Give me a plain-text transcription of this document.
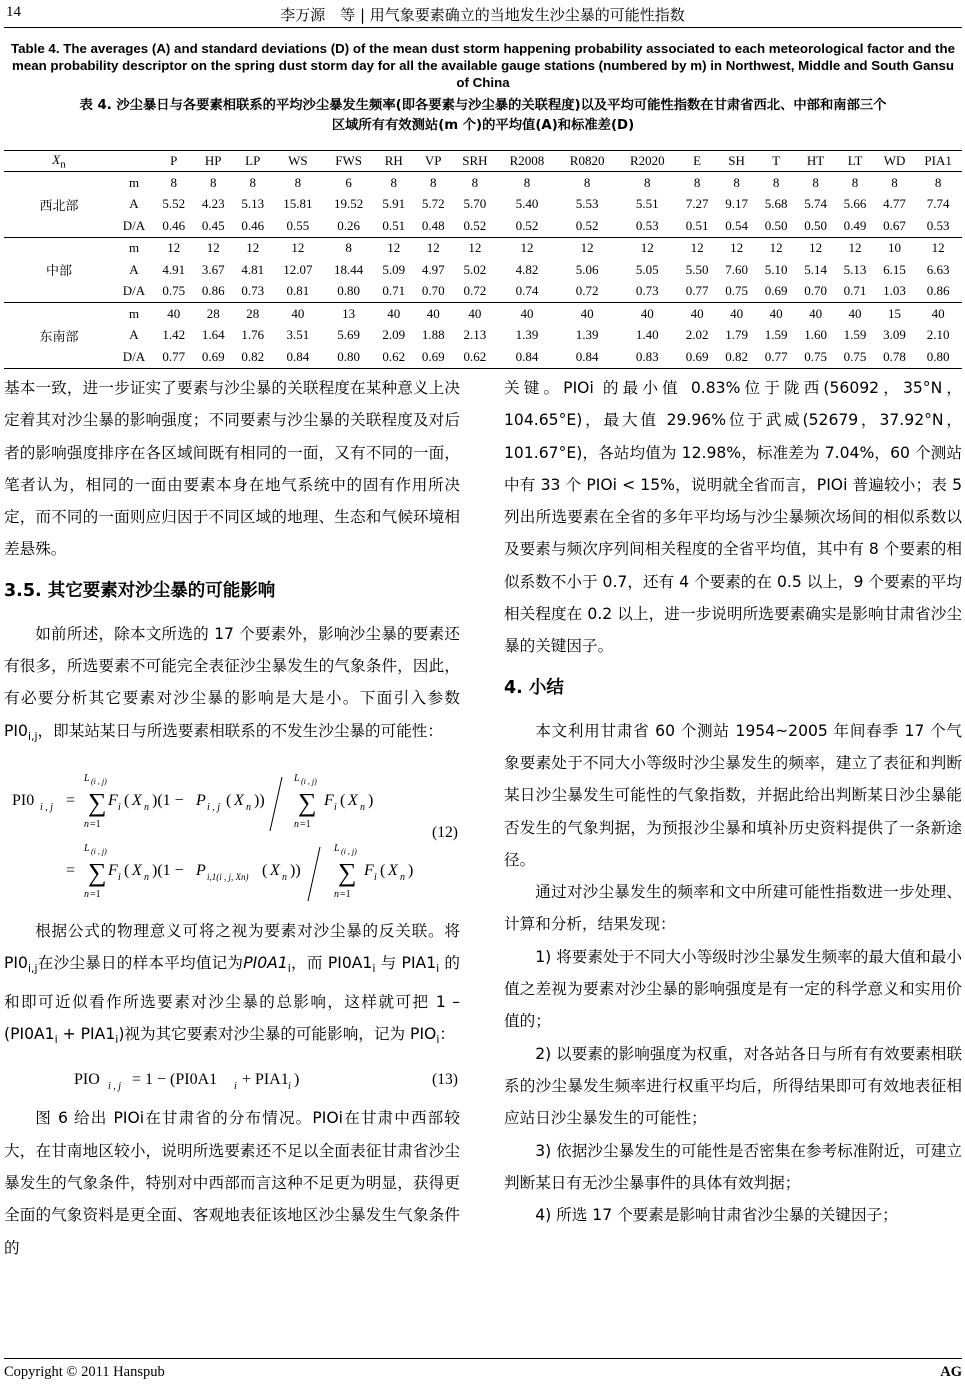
14	李万源　等 | 用气象要素确立的当地发生沙尘暴的可能性指数
Table 4. The averages (A) and standard deviations (D) of the mean dust storm happening probability associated to each meteorological factor and the mean probability descriptor on the spring dust storm day for all the available gauge stations (numbered by m) in Northwest, Middle and South Gansu of China
表 4. 沙尘暴日与各要素相联系的平均沙尘暴发生频率(即各要素与沙尘暴的关联程度)以及平均可能性指数在甘肃省西北、中部和南部三个
区域所有有效测站(m 个)的平均值(A)和标准差(D)
$X_n$		P	HP	LP	WS	FWS	RH	VP	SRH	R2008	R0820	R2020	E	SH	T	HT	LT	WD	PIA1
	m	8	8	8	8	6	8	8	8	8	8	8	8	8	8	8	8	8	8
西北部	A	5.52	4.23	5.13	15.81	19.52	5.91	5.72	5.70	5.40	5.53	5.51	7.27	9.17	5.68	5.74	5.66	4.77	7.74
	D/A	0.46	0.45	0.46	0.55	0.26	0.51	0.48	0.52	0.52	0.52	0.53	0.51	0.54	0.50	0.50	0.49	0.67	0.53
	m	12	12	12	12	8	12	12	12	12	12	12	12	12	12	12	12	10	12
中部	A	4.91	3.67	4.81	12.07	18.44	5.09	4.97	5.02	4.82	5.06	5.05	5.50	7.60	5.10	5.14	5.13	6.15	6.63
	D/A	0.75	0.86	0.73	0.81	0.80	0.71	0.70	0.72	0.74	0.72	0.73	0.77	0.75	0.69	0.70	0.71	1.03	0.86
	m	40	28	28	40	13	40	40	40	40	40	40	40	40	40	40	40	15	40
东南部	A	1.42	1.64	1.76	3.51	5.69	2.09	1.88	2.13	1.39	1.39	1.40	2.02	1.79	1.59	1.60	1.59	3.09	2.10
	D/A	0.77	0.69	0.82	0.84	0.80	0.62	0.69	0.62	0.84	0.84	0.83	0.69	0.82	0.77	0.75	0.75	0.78	0.80

基本一致，进一步证实了要素与沙尘暴的关联程度在某种意义上决定着其对沙尘暴的影响强度；不同要素与沙尘暴的关联程度及对后者的影响强度排序在各区域间既有相同的一面，又有不同的一面，笔者认为，相同的一面由要素本身在地气系统中的固有作用所决定，而不同的一面则应归因于不同区域的地理、生态和气候环境相差悬殊。

3.5. 其它要素对沙尘暴的可能影响

如前所述，除本文所选的 17 个要素外，影响沙尘暴的要素还有很多，所选要素不可能完全表征沙尘暴发生的气象条件，因此，有必要分析其它要素对沙尘暴的影响是大是小。下面引入参数 $PI0_{i,j}$，即某站某日与所选要素相联系的不发生沙尘暴的可能性：

PI0 i , j =
L (i , j)
∑
n =1
F i ( X n )(1 − P i , j ( X n ))
L (i , j)
∑
n =1
F i ( X n )
=
L (i , j)
∑
n =1
F i ( X n )(1 − P i,1(i , j, Xn) ( X n ))
L (i , j)
∑
n =1
F i ( X n )
(12)

根据公式的物理意义可将之视为要素对沙尘暴的反关联。将$PI0_{i,j}$在沙尘暴日的样本平均值记为$PI0A1_i$，而 $PI0A1_i$ 与 $PIA1_i$ 的和即可近似看作所选要素对沙尘暴的总影响，这样就可把 $1 - (PI0A1_i + PIA1_i)$视为其它要素对沙尘暴的可能影响，记为 $PIO_i$：

PIO i , j = 1 − (PI0A1 i + PIA1 i )	(13)

图 6 给出 PIOi在甘肃省的分布情况。PIOi在甘肃中西部较大，在甘南地区较小，说明所选要素还不足以全面表征甘肃省沙尘暴发生的气象条件，特别对中西部而言这种不足更为明显，获得更全面的气象资料是更全面、客观地表征该地区沙尘暴发生气象条件的

关键。PIOi 的最小值 0.83%位于陇西(56092，35°N，104.65°E)，最大值 29.96%位于武威(52679，37.92°N，101.67°E)，各站均值为 12.98%，标准差为 7.04%，60 个测站中有 33 个 PIOi < 15%，说明就全省而言，PIOi 普遍较小；表 5 列出所选要素在全省的多年平均场与沙尘暴频次场间的相似系数以及要素与频次序列间相关程度的全省平均值，其中有 8 个要素的相似系数不小于 0.7，还有 4 个要素的在 0.5 以上，9 个要素的平均相关程度在 0.2 以上，进一步说明所选要素确实是影响甘肃省沙尘暴的关键因子。

4. 小结

本文利用甘肃省 60 个测站 1954~2005 年间春季 17 个气象要素处于不同大小等级时沙尘暴发生的频率，建立了表征和判断某日沙尘暴发生可能性的气象指数，并据此给出判断某日沙尘暴能否发生的气象判据，为预报沙尘暴和填补历史资料提供了一条新途径。

通过对沙尘暴发生的频率和文中所建可能性指数进一步处理、计算和分析，结果发现：

1) 将要素处于不同大小等级时沙尘暴发生频率的最大值和最小值之差视为要素对沙尘暴的影响强度是有一定的科学意义和实用价值的；

2) 以要素的影响强度为权重，对各站各日与所有有效要素相联系的沙尘暴发生频率进行权重平均后，所得结果即可有效地表征相应站日沙尘暴发生的可能性；

3) 依据沙尘暴发生的可能性是否密集在参考标准附近，可建立判断某日有无沙尘暴事件的具体有效判据；

4) 所选 17 个要素是影响甘肃省沙尘暴的关键因子；

Copyright © 2011 Hanspub	AG
